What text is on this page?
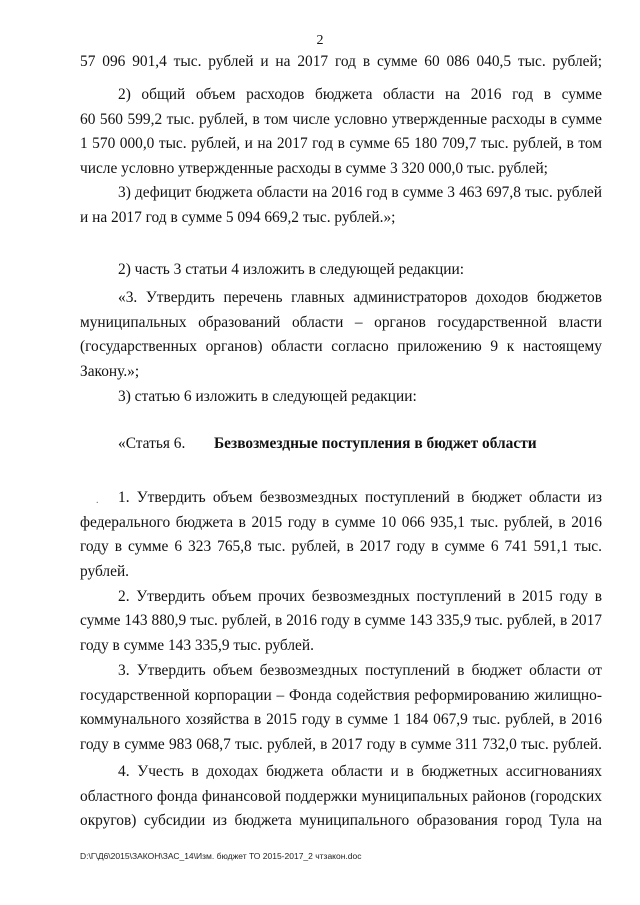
2
57 096 901,4 тыс. рублей и на 2017 год в сумме 60 086 040,5 тыс. рублей;
2) общий объем расходов бюджета области на 2016 год в сумме
60 560 599,2 тыс. рублей, в том числе условно утвержденные расходы в сумме
1 570 000,0 тыс. рублей, и на 2017 год в сумме 65 180 709,7 тыс. рублей, в том
числе условно утвержденные расходы в сумме 3 320 000,0 тыс. рублей;
3) дефицит бюджета области на 2016 год в сумме 3 463 697,8 тыс. рублей
и на 2017 год в сумме 5 094 669,2 тыс. рублей.»;
2) часть 3 статьи 4 изложить в следующей редакции:
«3. Утвердить перечень главных администраторов доходов бюджетов
муниципальных образований области – органов государственной власти
(государственных органов) области согласно приложению 9 к настоящему
Закону.»;
3) статью 6 изложить в следующей редакции:
«Статья 6. Безвозмездные поступления в бюджет области
. 1. Утвердить объем безвозмездных поступлений в бюджет области из
федерального бюджета в 2015 году в сумме 10 066 935,1 тыс. рублей, в 2016
году в сумме 6 323 765,8 тыс. рублей, в 2017 году в сумме 6 741 591,1 тыс.
рублей.
2. Утвердить объем прочих безвозмездных поступлений в 2015 году в
сумме 143 880,9 тыс. рублей, в 2016 году в сумме 143 335,9 тыс. рублей, в 2017
году в сумме 143 335,9 тыс. рублей.
3. Утвердить объем безвозмездных поступлений в бюджет области от
государственной корпорации – Фонда содействия реформированию жилищно-
коммунального хозяйства в 2015 году в сумме 1 184 067,9 тыс. рублей, в 2016
году в сумме 983 068,7 тыс. рублей, в 2017 году в сумме 311 732,0 тыс. рублей.
4. Учесть в доходах бюджета области и в бюджетных ассигнованиях
областного фонда финансовой поддержки муниципальных районов (городских
округов) субсидии из бюджета муниципального образования город Тула на
D:\Г\Д6\2015\ЗАКОН\ЗАС_14\Изм. бюджет ТО 2015-2017_2 чтзакон.doc
